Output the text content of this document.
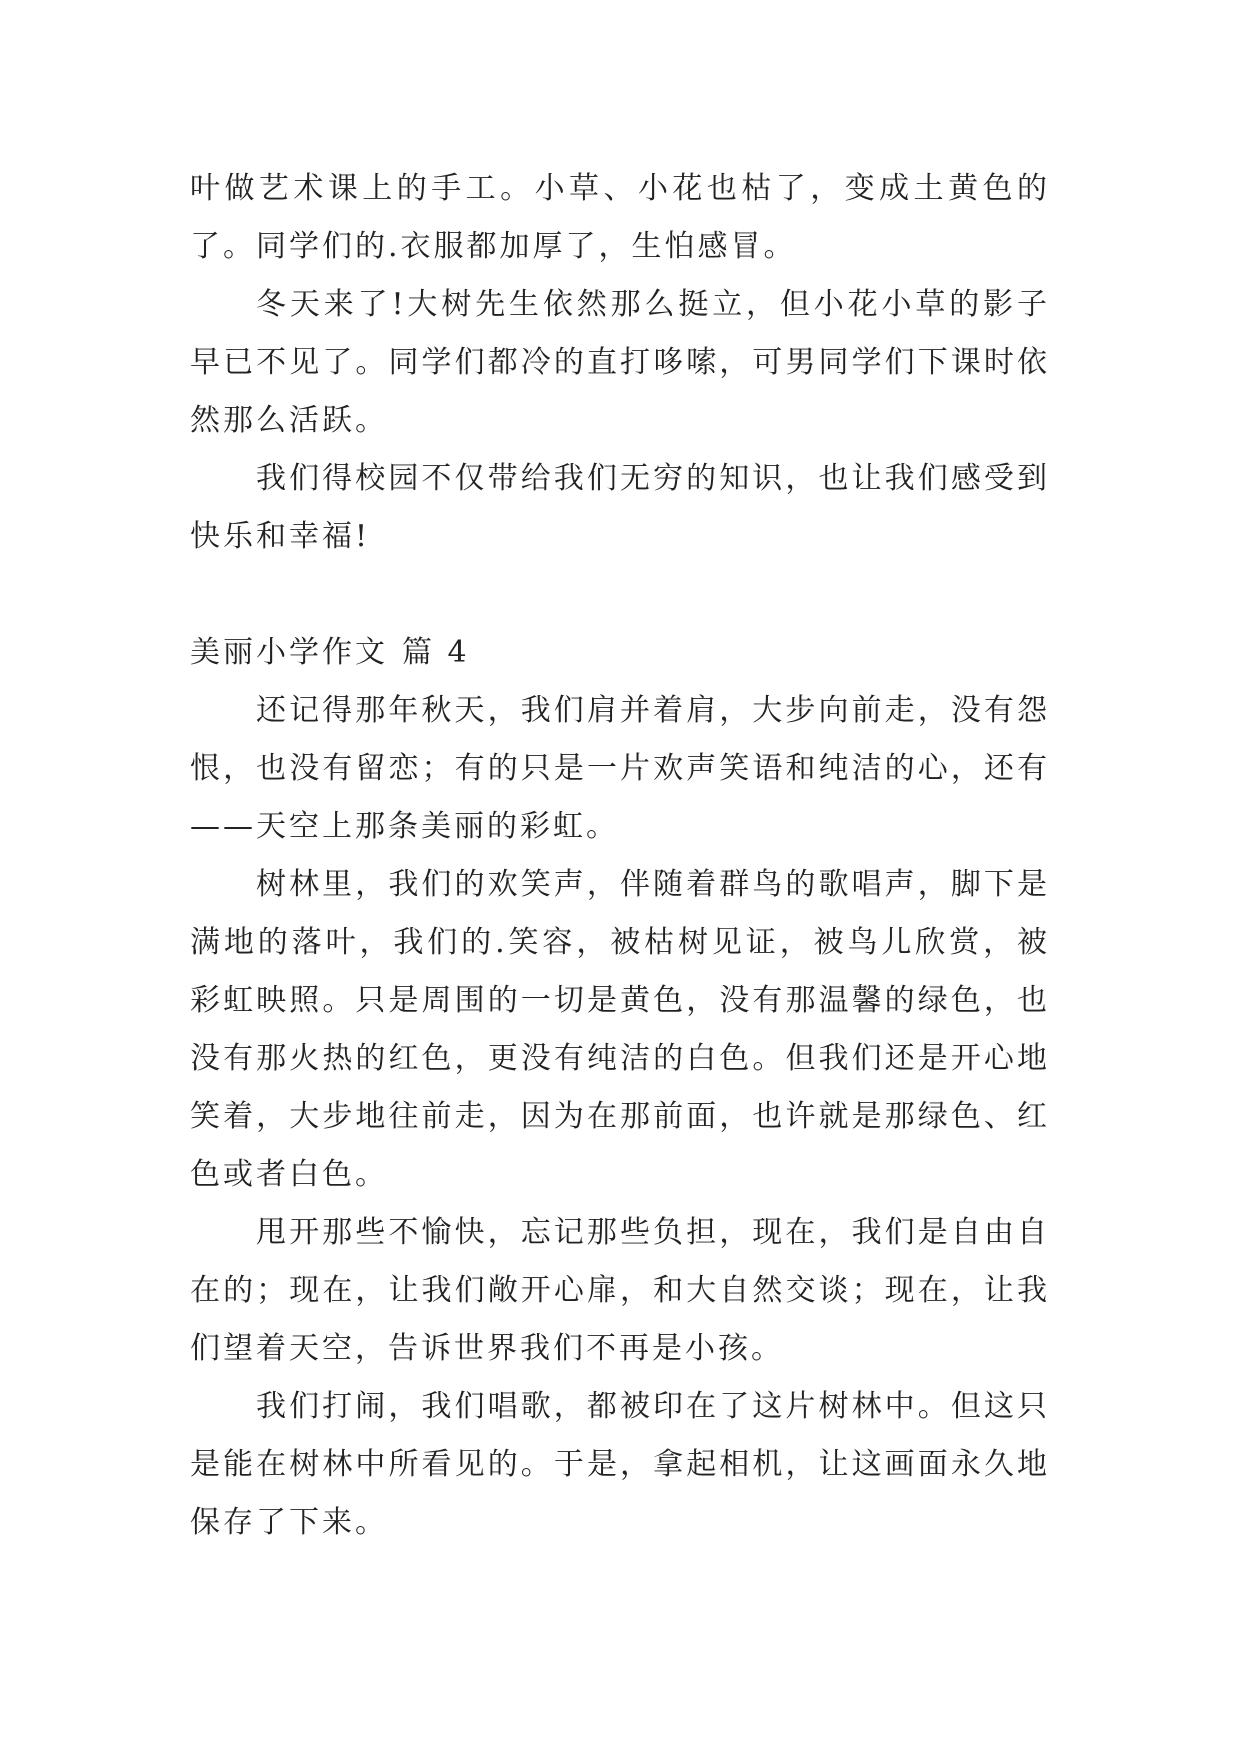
叶做艺术课上的手工。小草、小花也枯了，变成土黄色的了。同学们的.衣服都加厚了，生怕感冒。

冬天来了!大树先生依然那么挺立，但小花小草的影子早已不见了。同学们都冷的直打哆嗦，可男同学们下课时依然那么活跃。

我们得校园不仅带给我们无穷的知识，也让我们感受到快乐和幸福!

美丽小学作文 篇 4

还记得那年秋天，我们肩并着肩，大步向前走，没有怨恨，也没有留恋；有的只是一片欢声笑语和纯洁的心，还有——天空上那条美丽的彩虹。

树林里，我们的欢笑声，伴随着群鸟的歌唱声，脚下是满地的落叶，我们的.笑容，被枯树见证，被鸟儿欣赏，被彩虹映照。只是周围的一切是黄色，没有那温馨的绿色，也没有那火热的红色，更没有纯洁的白色。但我们还是开心地笑着，大步地往前走，因为在那前面，也许就是那绿色、红色或者白色。

甩开那些不愉快，忘记那些负担，现在，我们是自由自在的；现在，让我们敞开心扉，和大自然交谈；现在，让我们望着天空，告诉世界我们不再是小孩。

我们打闹，我们唱歌，都被印在了这片树林中。但这只是能在树林中所看见的。于是，拿起相机，让这画面永久地保存了下来。
